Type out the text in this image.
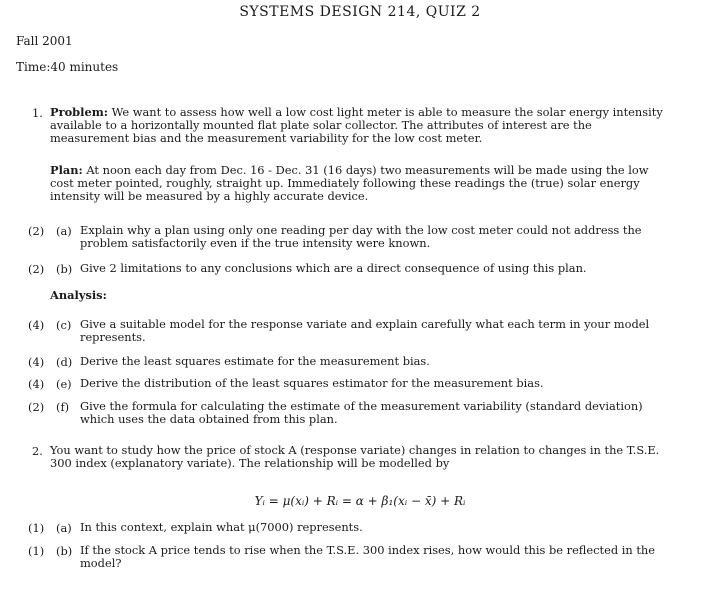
SYSTEMS DESIGN 214, QUIZ 2
Fall 2001
Time:40 minutes
1. Problem: We want to assess how well a low cost light meter is able to measure the solar energy intensity available to a horizontally mounted flat plate solar collector. The attributes of interest are the measurement bias and the measurement variability for the low cost meter.
Plan: At noon each day from Dec. 16 - Dec. 31 (16 days) two measurements will be made using the low cost meter pointed, roughly, straight up. Immediately following these readings the (true) solar energy intensity will be measured by a highly accurate device.
(2) (a) Explain why a plan using only one reading per day with the low cost meter could not address the problem satisfactorily even if the true intensity were known.
(2) (b) Give 2 limitations to any conclusions which are a direct consequence of using this plan.
Analysis:
(4) (c) Give a suitable model for the response variate and explain carefully what each term in your model represents.
(4) (d) Derive the least squares estimate for the measurement bias.
(4) (e) Derive the distribution of the least squares estimator for the measurement bias.
(2) (f) Give the formula for calculating the estimate of the measurement variability (standard deviation) which uses the data obtained from this plan.
2. You want to study how the price of stock A (response variate) changes in relation to changes in the T.S.E. 300 index (explanatory variate). The relationship will be modelled by
Yᵢ = μ(xᵢ) + Rᵢ = α + β₁(xᵢ − x̄) + Rᵢ
(1) (a) In this context, explain what μ(7000) represents.
(1) (b) If the stock A price tends to rise when the T.S.E. 300 index rises, how would this be reflected in the model?
